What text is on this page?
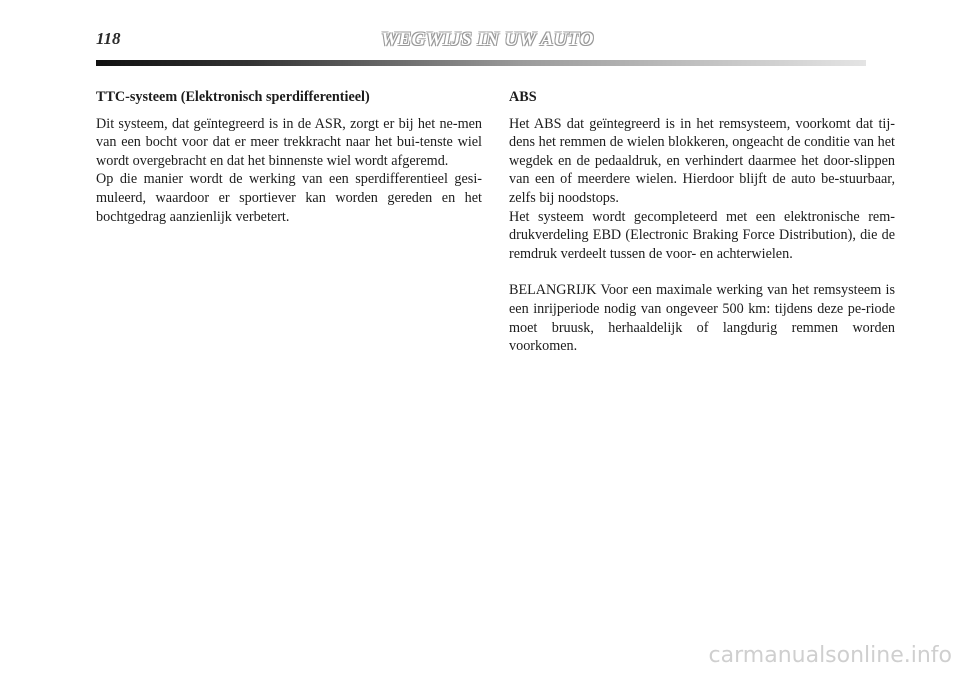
118	WEGWIJS IN UW AUTO

TTC-systeem (Elektronisch sperdifferentieel)

Dit systeem, dat geïntegreerd is in de ASR, zorgt er bij het ne-men van een bocht voor dat er meer trekkracht naar het bui-tenste wiel wordt overgebracht en dat het binnenste wiel wordt afgeremd.

Op die manier wordt de werking van een sperdifferentieel gesi-muleerd, waardoor er sportiever kan worden gereden en het bochtgedrag aanzienlijk verbetert.

ABS

Het ABS dat geïntegreerd is in het remsysteem, voorkomt dat tij-dens het remmen de wielen blokkeren, ongeacht de conditie van het wegdek en de pedaaldruk, en verhindert daarmee het door-slippen van een of meerdere wielen. Hierdoor blijft de auto be-stuurbaar, zelfs bij noodstops.

Het systeem wordt gecompleteerd met een elektronische rem-drukverdeling EBD (Electronic Braking Force Distribution), die de remdruk verdeelt tussen de voor- en achterwielen.

BELANGRIJK Voor een maximale werking van het remsysteem is een inrijperiode nodig van ongeveer 500 km: tijdens deze pe-riode moet bruusk, herhaaldelijk of langdurig remmen worden voorkomen.

carmanualsonline.info
